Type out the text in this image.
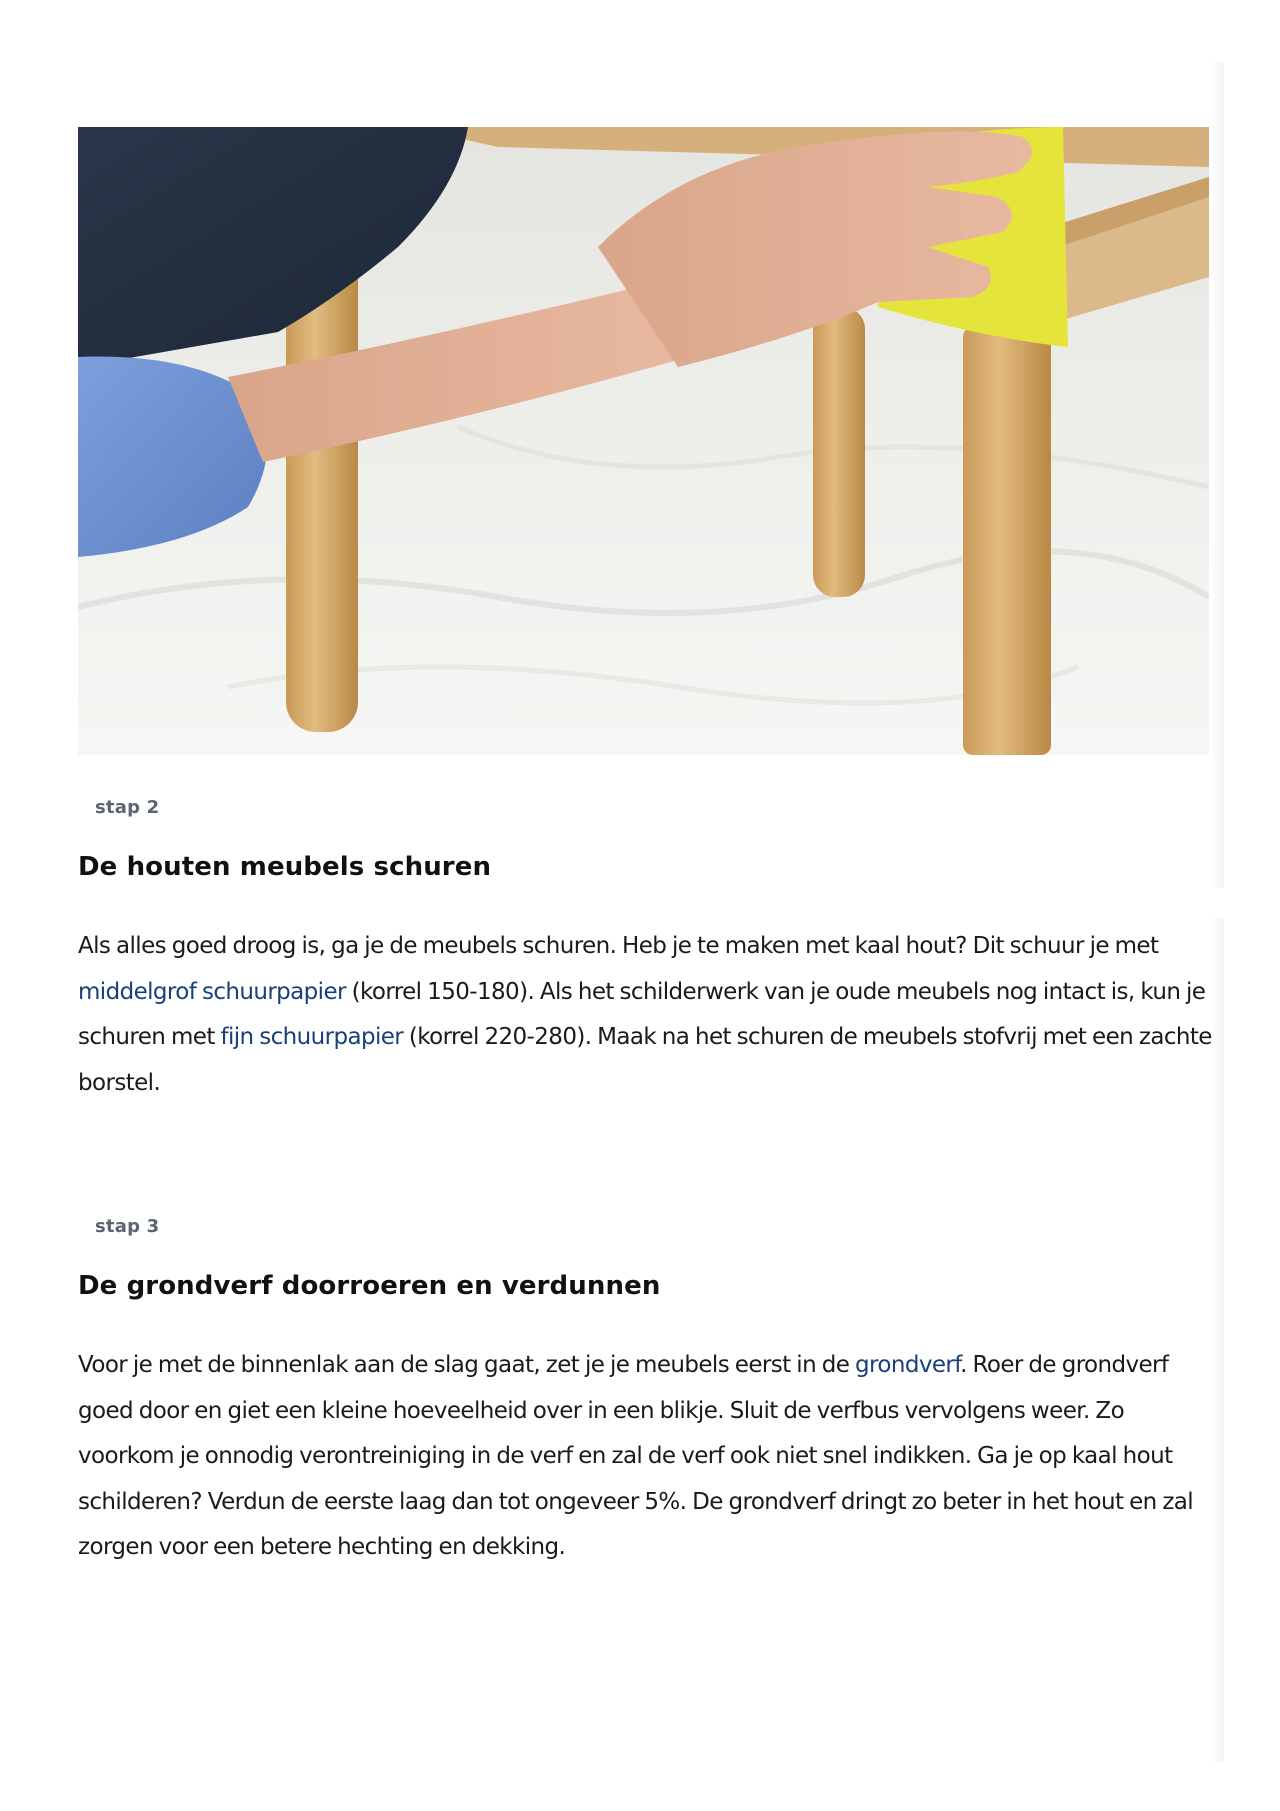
stap 2
De houten meubels schuren

Als alles goed droog is, ga je de meubels schuren. Heb je te maken met kaal hout? Dit schuur je met middelgrof schuurpapier (korrel 150-180). Als het schilderwerk van je oude meubels nog intact is, kun je schuren met fijn schuurpapier (korrel 220-280). Maak na het schuren de meubels stofvrij met een zachte borstel.

stap 3
De grondverf doorroeren en verdunnen

Voor je met de binnenlak aan de slag gaat, zet je je meubels eerst in de grondverf. Roer de grondverf goed door en giet een kleine hoeveelheid over in een blikje. Sluit de verfbus vervolgens weer. Zo voorkom je onnodig verontreiniging in de verf en zal de verf ook niet snel indikken. Ga je op kaal hout schilderen? Verdun de eerste laag dan tot ongeveer 5%. De grondverf dringt zo beter in het hout en zal zorgen voor een betere hechting en dekking.
